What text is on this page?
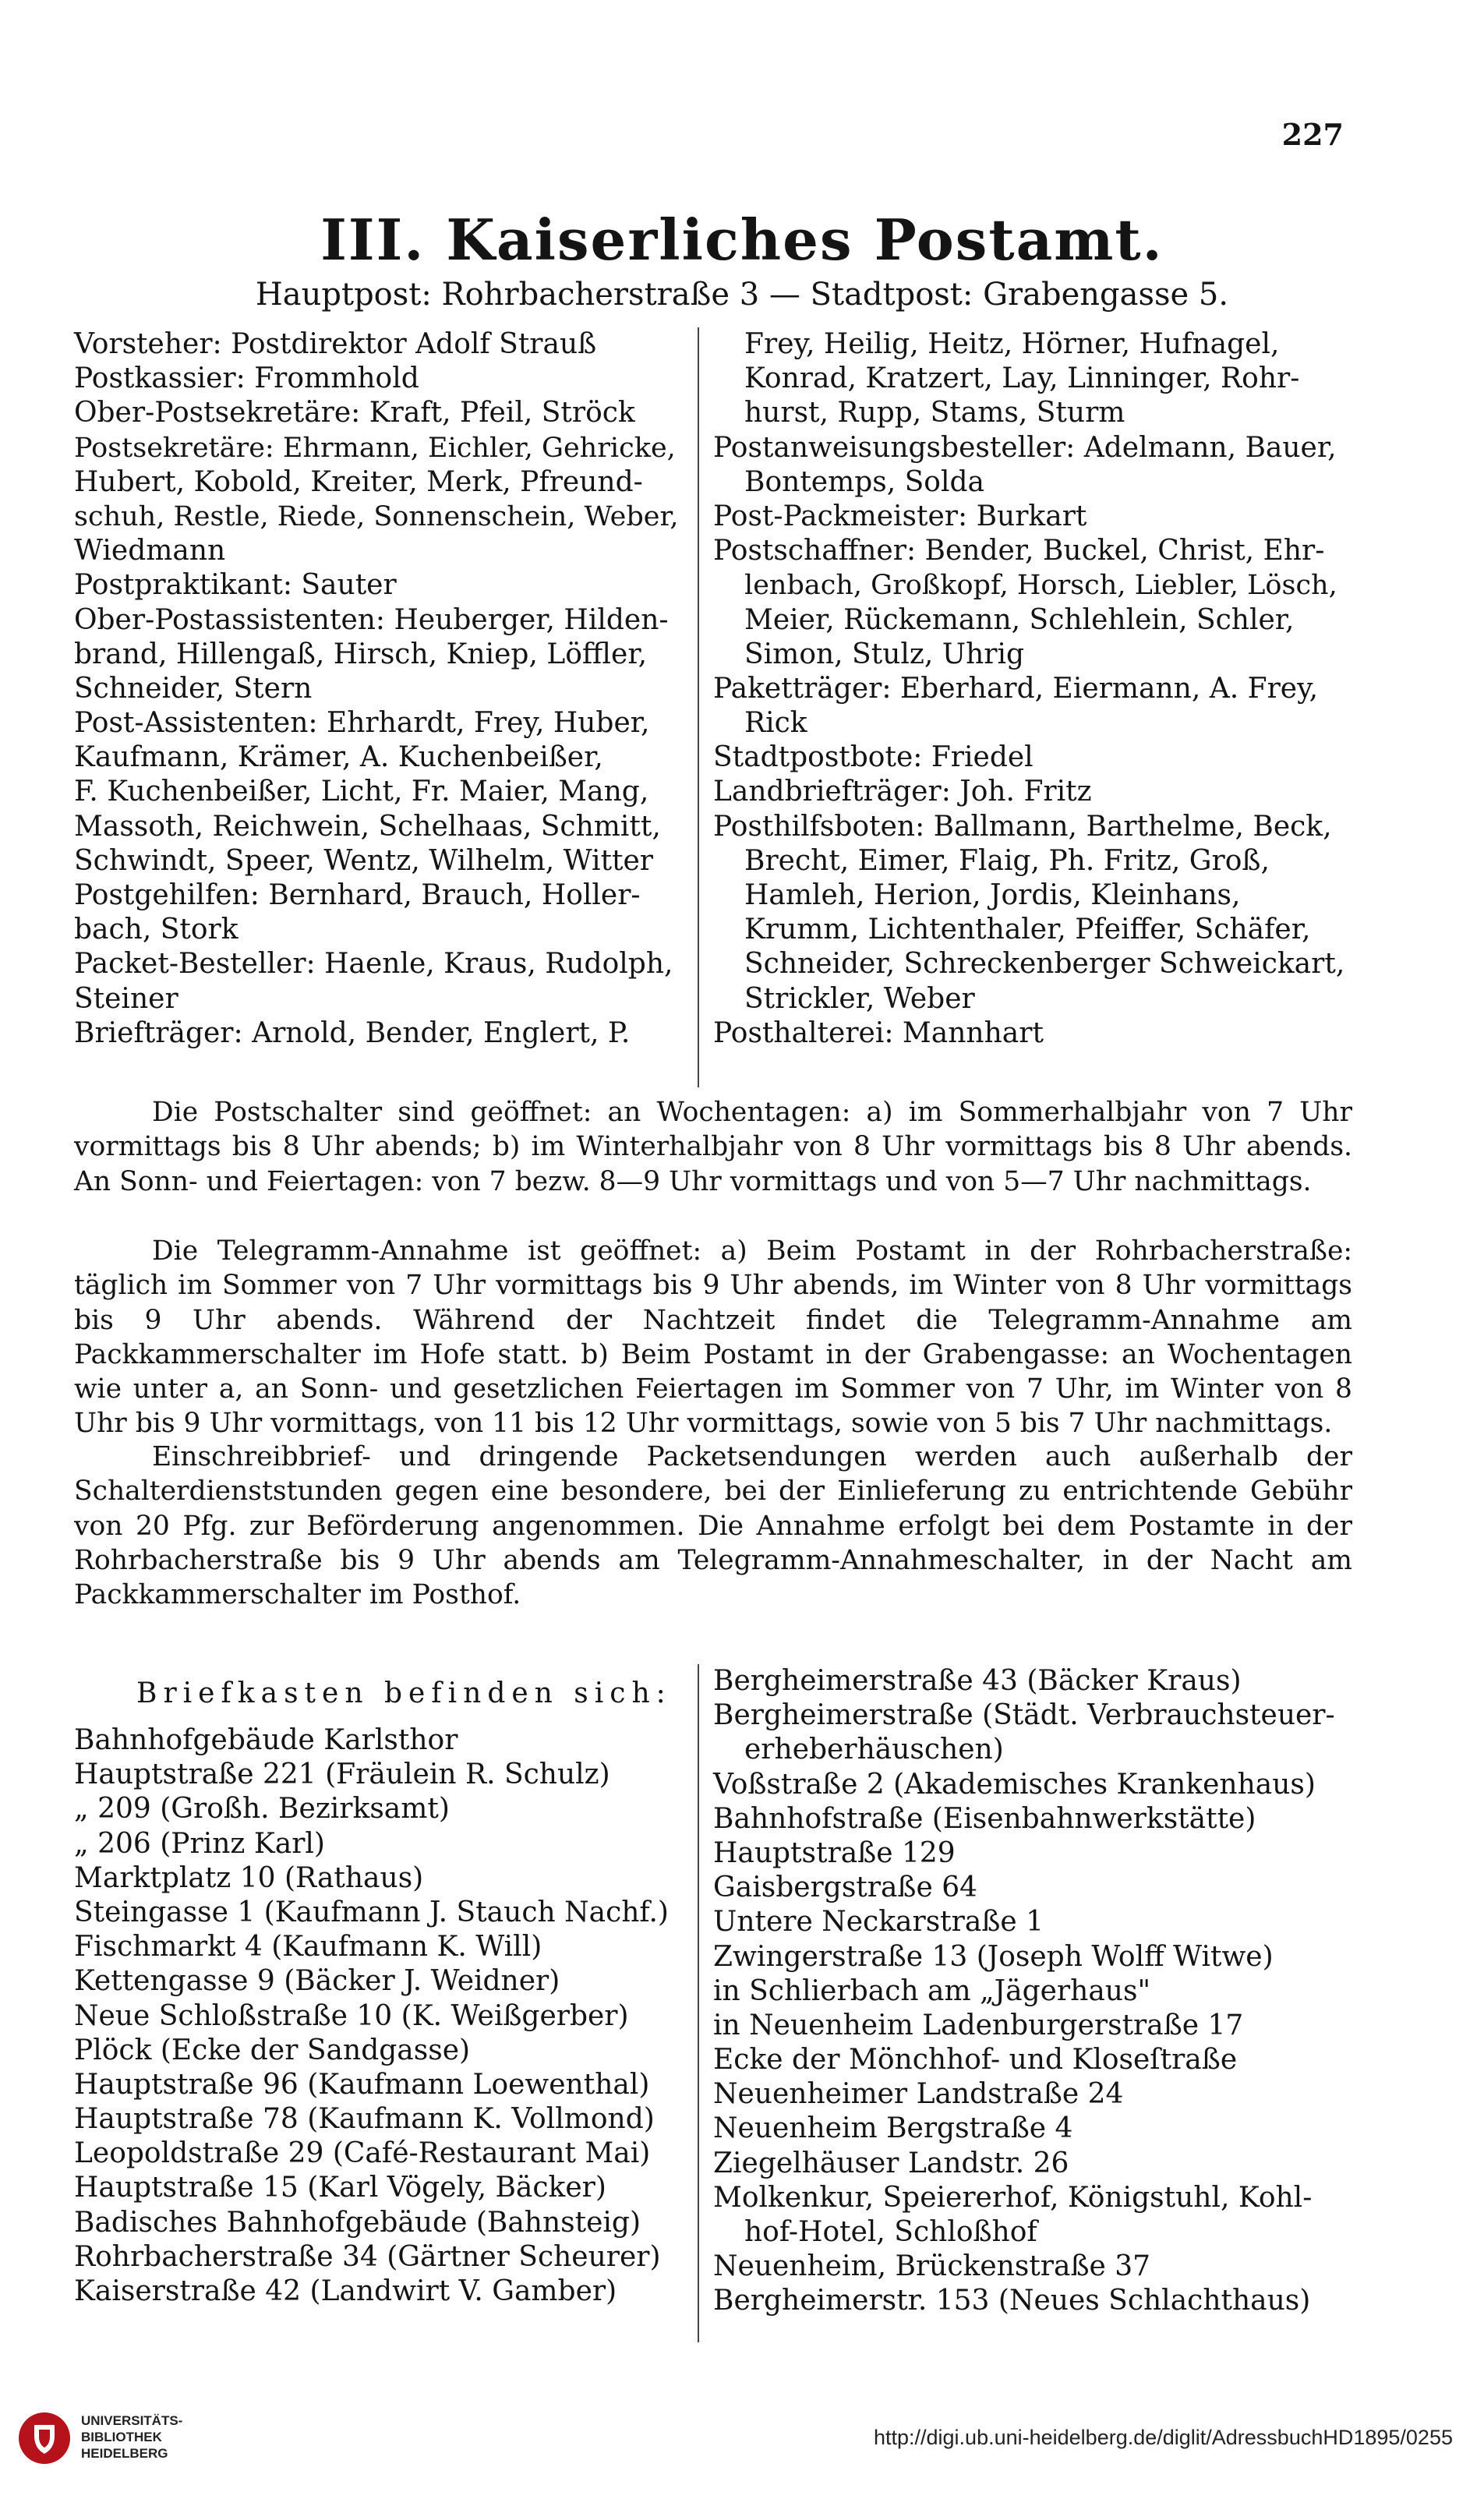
227
III. Kaiserliches Postamt.
Hauptpost: Rohrbacherstraße 3 — Stadtpost: Grabengasse 5.
Vorsteher: Postdirektor Adolf Strauß
Postkassier: Frommhold
Ober-Postsekretäre: Kraft, Pfeil, Ströck
Postsekretäre: Ehrmann, Eichler, Gehricke,
Hubert, Kobold, Kreiter, Merk, Pfreund-
schuh, Restle, Riede, Sonnenschein, Weber,
Wiedmann
Postpraktikant: Sauter
Ober-Postassistenten: Heuberger, Hilden-
brand, Hillengaß, Hirsch, Kniep, Löffler,
Schneider, Stern
Post-Assistenten: Ehrhardt, Frey, Huber,
Kaufmann, Krämer, A. Kuchenbeißer,
F. Kuchenbeißer, Licht, Fr. Maier, Mang,
Massoth, Reichwein, Schelhaas, Schmitt,
Schwindt, Speer, Wentz, Wilhelm, Witter
Postgehilfen: Bernhard, Brauch, Holler-
bach, Stork
Packet-Besteller: Haenle, Kraus, Rudolph,
Steiner
Briefträger: Arnold, Bender, Englert, P.
Frey, Heilig, Heitz, Hörner, Hufnagel,
Konrad, Kratzert, Lay, Linninger, Rohr-
hurst, Rupp, Stams, Sturm
Postanweisungsbesteller: Adelmann, Bauer,
Bontemps, Solda
Post-Packmeister: Burkart
Postschaffner: Bender, Buckel, Christ, Ehr-
lenbach, Großkopf, Horsch, Liebler, Lösch,
Meier, Rückemann, Schlehlein, Schler,
Simon, Stulz, Uhrig
Paketträger: Eberhard, Eiermann, A. Frey,
Rick
Stadtpostbote: Friedel
Landbriefträger: Joh. Fritz
Posthilfsboten: Ballmann, Barthelme, Beck,
Brecht, Eimer, Flaig, Ph. Fritz, Groß,
Hamleh, Herion, Jordis, Kleinhans,
Krumm, Lichtenthaler, Pfeiffer, Schäfer,
Schneider, Schreckenberger Schweickart,
Strickler, Weber
Posthalterei: Mannhart

Die Postschalter sind geöffnet: an Wochentagen: a) im Sommerhalbjahr von 7 Uhr vormittags bis 8 Uhr abends; b) im Winterhalbjahr von 8 Uhr vormittags bis 8 Uhr abends. An Sonn- und Feiertagen: von 7 bezw. 8—9 Uhr vormittags und von 5—7 Uhr nachmittags.

Die Telegramm-Annahme ist geöffnet: a) Beim Postamt in der Rohrbacherstraße: täglich im Sommer von 7 Uhr vormittags bis 9 Uhr abends, im Winter von 8 Uhr vormittags bis 9 Uhr abends. Während der Nachtzeit findet die Telegramm-Annahme am Packkammerschalter im Hofe statt. b) Beim Postamt in der Grabengasse: an Wochentagen wie unter a, an Sonn- und gesetzlichen Feiertagen im Sommer von 7 Uhr, im Winter von 8 Uhr bis 9 Uhr vormittags, von 11 bis 12 Uhr vormittags, sowie von 5 bis 7 Uhr nachmittags.

Einschreibbrief- und dringende Packetsendungen werden auch außerhalb der Schalterdienststunden gegen eine besondere, bei der Einlieferung zu entrichtende Gebühr von 20 Pfg. zur Beförderung angenommen. Die Annahme erfolgt bei dem Postamte in der Rohrbacherstraße bis 9 Uhr abends am Telegramm-Annahmeschalter, in der Nacht am Packkammerschalter im Posthof.

Briefkasten befinden sich:
Bahnhofgebäude Karlsthor
Hauptstraße 221 (Fräulein R. Schulz)
„ 209 (Großh. Bezirksamt)
„ 206 (Prinz Karl)
Marktplatz 10 (Rathaus)
Steingasse 1 (Kaufmann J. Stauch Nachf.)
Fischmarkt 4 (Kaufmann K. Will)
Kettengasse 9 (Bäcker J. Weidner)
Neue Schloßstraße 10 (K. Weißgerber)
Plöck (Ecke der Sandgasse)
Hauptstraße 96 (Kaufmann Loewenthal)
Hauptstraße 78 (Kaufmann K. Vollmond)
Leopoldstraße 29 (Café-Restaurant Mai)
Hauptstraße 15 (Karl Vögely, Bäcker)
Badisches Bahnhofgebäude (Bahnsteig)
Rohrbacherstraße 34 (Gärtner Scheurer)
Kaiserstraße 42 (Landwirt V. Gamber)
Bergheimerstraße 43 (Bäcker Kraus)
Bergheimerstraße (Städt. Verbrauchsteuer-
erheberhäuschen)
Voßstraße 2 (Akademisches Krankenhaus)
Bahnhofstraße (Eisenbahnwerkstätte)
Hauptstraße 129
Gaisbergstraße 64
Untere Neckarstraße 1
Zwingerstraße 13 (Joseph Wolff Witwe)
in Schlierbach am „Jägerhaus"
in Neuenheim Ladenburgerstraße 17
Ecke der Mönchhof- und Kloseſtraße
Neuenheimer Landstraße 24
Neuenheim Bergstraße 4
Ziegelhäuser Landstr. 26
Molkenkur, Speiererhof, Königstuhl, Kohl-
hof-Hotel, Schloßhof
Neuenheim, Brückenstraße 37
Bergheimerstr. 153 (Neues Schlachthaus)
UNIVERSITÄTS-
BIBLIOTHEK
HEIDELBERG
http://digi.ub.uni-heidelberg.de/diglit/AdressbuchHD1895/0255
